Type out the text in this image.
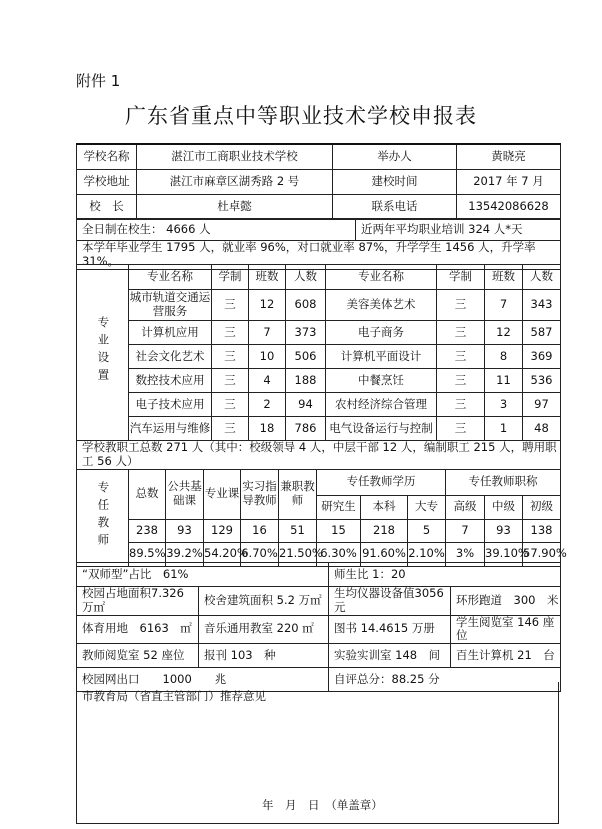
附件 1
广东省重点中等职业技术学校申报表
学校名称	湛江市工商职业技术学校	举办人	黄晓亮
学校地址	湛江市麻章区湖秀路 2 号	建校时间	2017 年 7 月
校　长	杜卓懿	联系电话	13542086628
全日制在校生： 4666 人	近两年平均职业培训 324 人*天
本学年毕业学生 1795 人，就业率 96%，对口就业率 87%，升学学生 1456 人，升学率 31%。
专业设置	专业名称	学制	班数	人数	专业名称	学制	班数	人数
	城市轨道交通运营服务	三	12	608	美容美体艺术	三	7	343
	计算机应用	三	7	373	电子商务	三	12	587
	社会文化艺术	三	10	506	计算机平面设计	三	8	369
	数控技术应用	三	4	188	中餐烹饪	三	11	536
	电子技术应用	三	2	94	农村经济综合管理	三	3	97
	汽车运用与维修	三	18	786	电气设备运行与控制	三	1	48
学校教职工总数 271 人（其中：校级领导 4 人，中层干部 12 人，编制职工 215 人，聘用职工 56 人）											
专任教师	总数	公共基础课	专业课	实习指导教师	兼职教师	专任教师学历			专任教师职称		
						研究生	本科	大专	高级	中级	初级
	238	93	129	16	51	15	218	5	7	93	138
	89.5%	39.2%	54.20%	6.70%	21.50%	6.30%	91.60%	2.10%	3%	39.10%	57.90%
“双师型”占比　61%		师生比 1：20	
校园占地面积7.326 万㎡	校舍建筑面积 5.2 万㎡	生均仪器设备值3056 元	环形跑道　300　米
体育用地　6163　㎡	音乐通用教室 220 ㎡	图书 14.4615 万册	学生阅览室 146 座位
教师阅览室 52 座位	报刊 103　种	实验实训室 148　间	百生计算机 21　台
校园网出口　　1000　　兆		自评总分：88.25 分	
市教育局（省直主管部门）推荐意见
年　月　日　（单盖章）
